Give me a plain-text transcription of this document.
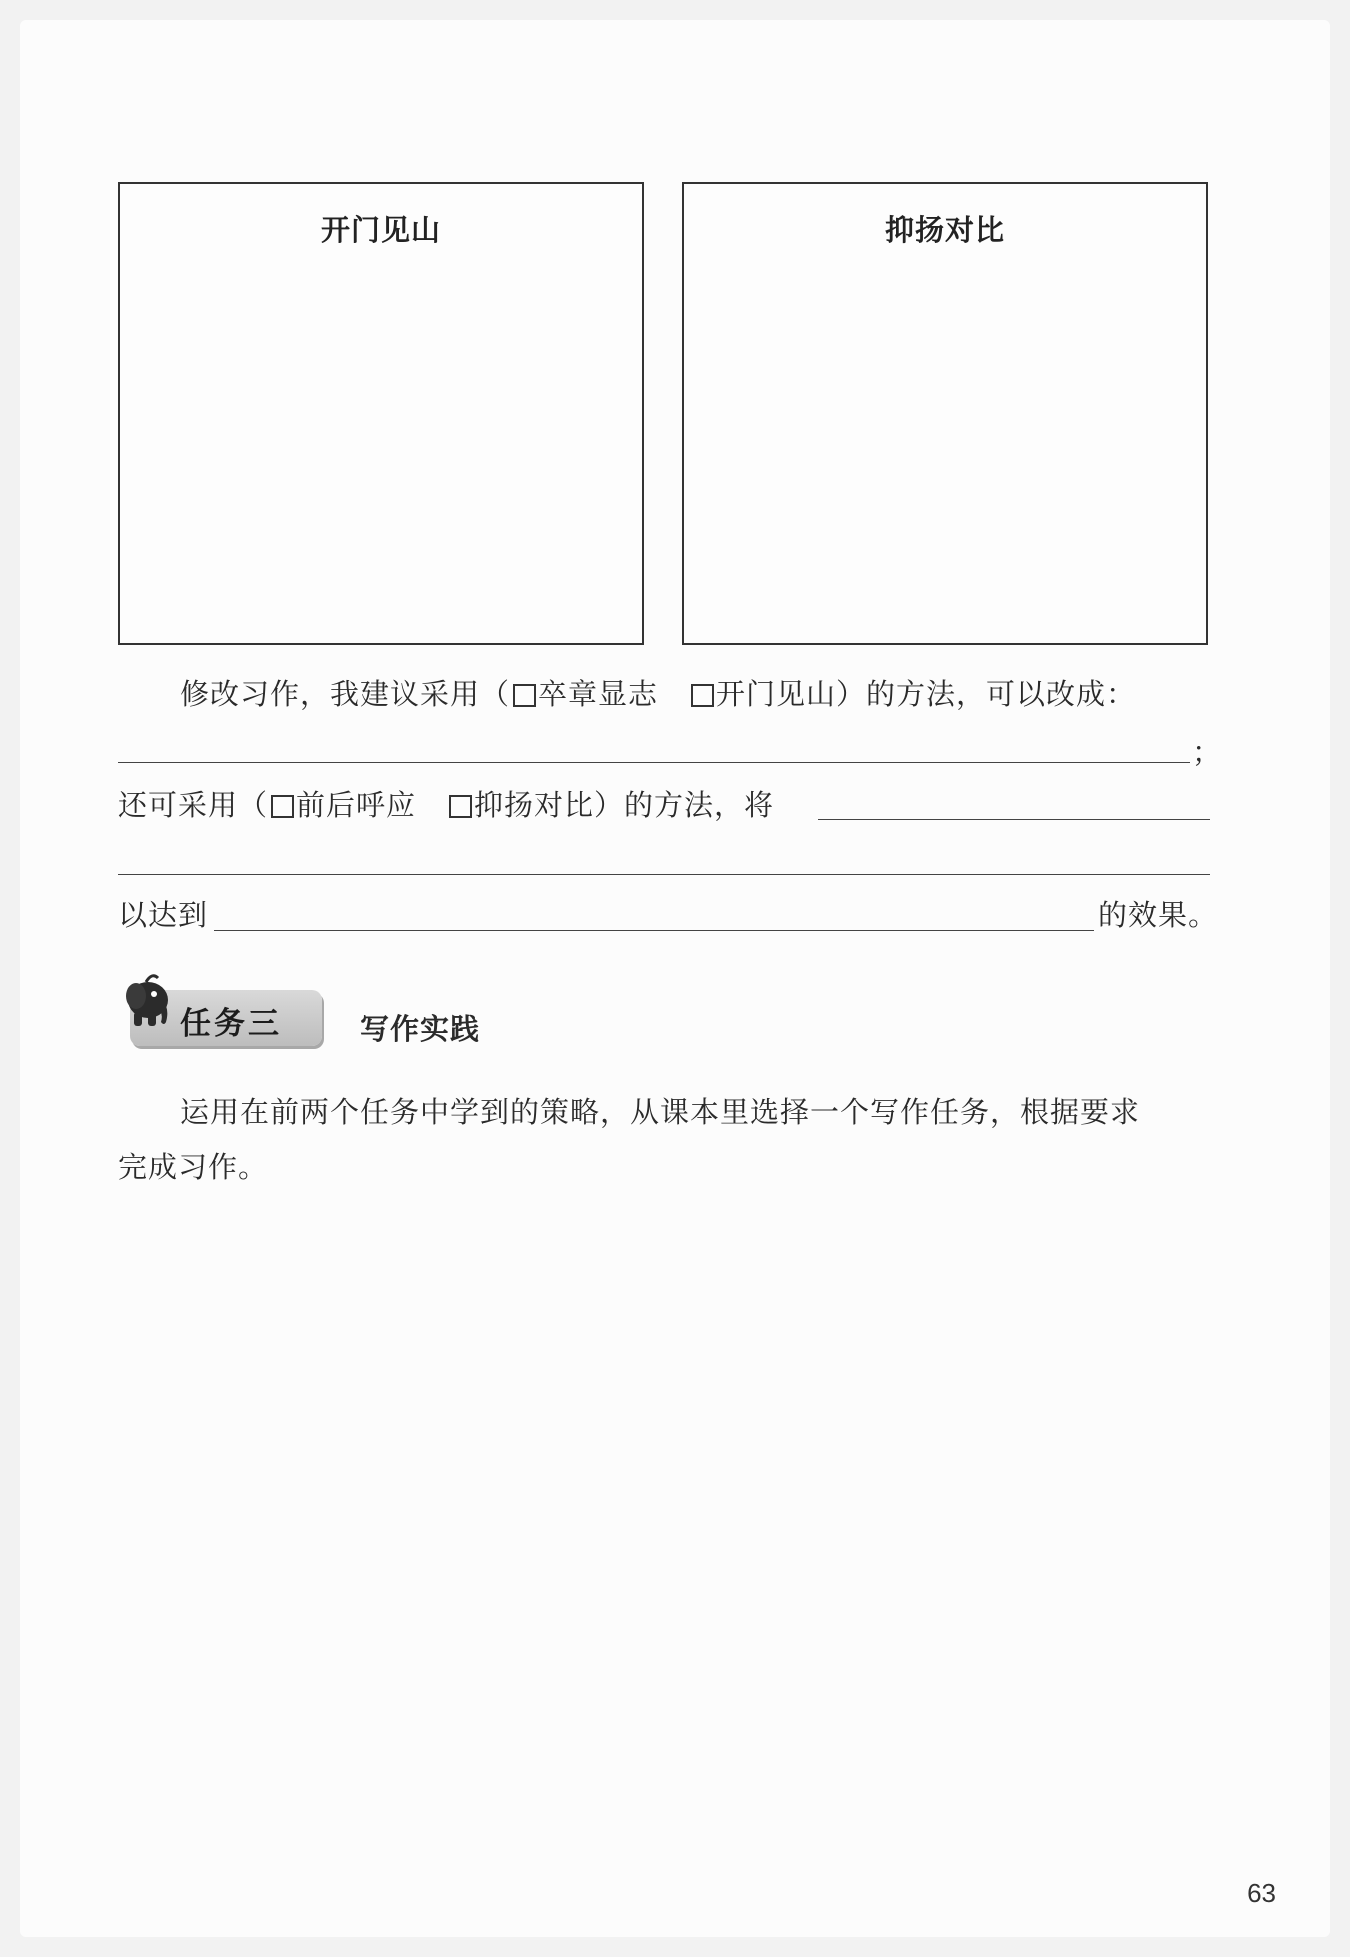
开门见山	抑扬对比
修改习作，我建议采用（ 卒章显志 开门见山）的方法，可以改成：
；
还可采用（ 前后呼应 抑扬对比）的方法，将
以达到	的效果。
任务三	写作实践
运用在前两个任务中学到的策略，从课本里选择一个写作任务，根据要求
完成习作。
63
